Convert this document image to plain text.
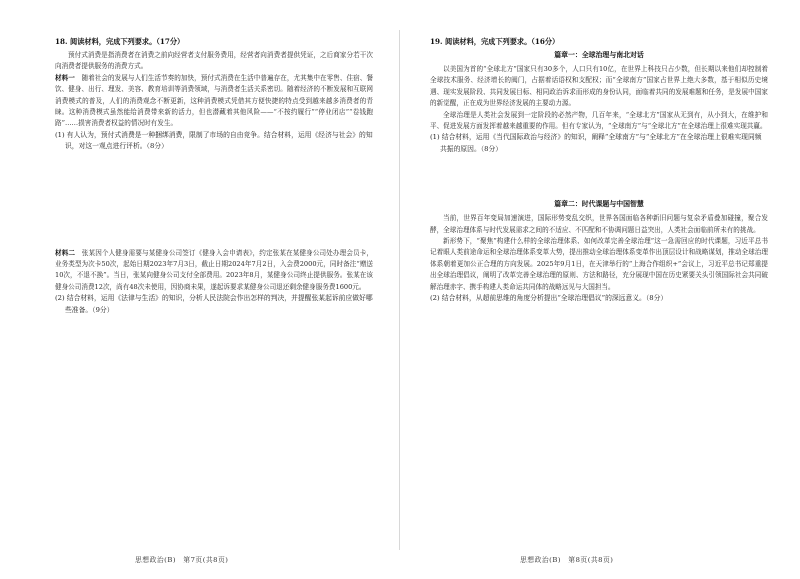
18. 阅读材料，完成下列要求。（17分）

预付式消费是指消费者在消费之前向经营者支付服务费用，经营者向消费者提供凭证，之后商家分若干次向消费者提供服务的消费方式。

材料一　 随着社会的发展与人们生活节奏的加快，预付式消费在生活中普遍存在，尤其集中在零售、住宿、餐饮、健身、出行、理发、美容、教育培训等消费领域，与消费者生活关系密切。随着经济的不断发展和互联网消费模式的普及，人们的消费观念不断更新，这种消费模式凭借其方便快捷的特点受到越来越多消费者的青睐。这种消费模式虽然能给消费带来新的活力，但也潜藏着其他风险——“不按约履行”“停业闭店”“卷钱跑路”……损害消费者权益的情况时有发生。

(1) 有人认为，预付式消费是一种捆绑消费，限制了市场的自由竞争。结合材料，运用《经济与社会》的知识，对这一观点进行评析。（8分）

材料二　 张某因个人健身需要与某健身公司签订《健身入会申请表》，约定张某在某健身公司处办理会员卡，业务类型为次卡50次，起始日期2023年7月3日，截止日期2024年7月2日，入会费2000元，同时备注“赠送10次，不退不换”。当日，张某向健身公司支付全部费用。2023年8月，某健身公司终止提供服务。张某在该健身公司消费12次，尚有48次未使用，因协商未果，遂起诉要求某健身公司退还剩余健身服务费1600元。

(2) 结合材料，运用《法律与生活》的知识，分析人民法院会作出怎样的判决，并提醒张某起诉前应做好哪些准备。（9分）

思想政治(B)　第7页(共8页)

19. 阅读材料，完成下列要求。（16分）

篇章一：全球治理与南北对话

以美国为首的“全球北方”国家只有30多个，人口只有10亿，在世界上科技只占少数，但长期以来他们却控制着全球技术服务、经济增长的阀门，占据着话语权和支配权；而“全球南方”国家占世界上绝大多数，基于相似历史境遇、现实发展阶段、共同发展目标、相同政治诉求而形成的身份认同，面临着共同的发展难题和任务，是发展中国家的新觉醒，正在成为世界经济发展的主要动力源。

全球治理是人类社会发展到一定阶段的必然产物，几百年来，“全球北方”国家从无到有，从小到大，在维护和平、促进发展方面发挥着越来越重要的作用。但有专家认为，“全球南方”与“全球北方”在全球治理上很难实现共赢。

(1) 结合材料，运用《当代国际政治与经济》的知识，阐释“全球南方”与“全球北方”在全球治理上很难实现同频共振的原因。（8分）

篇章二：时代课题与中国智慧

当前，世界百年变局加速演进，国际形势变乱交织，世界各国面临各种新旧问题与复杂矛盾叠加碰撞，聚合发酵，全球治理体系与时代发展需求之间的不适应、不匹配和不协调问题日益突出，人类社会面临前所未有的挑战。

新形势下，“聚焦”构建什么样的全球治理体系、如何改革完善全球治理”这一急需回应的时代课题，习近平总书记着眼人类前途命运和全球治理体系变革大势，提出推动全球治理体系变革作出顶层设计和战略谋划，推动全球治理体系朝着更加公正合理的方向发展。2025年9月1日，在天津举行的“上海合作组织+”会议上，习近平总书记郑重提出全球治理倡议，阐明了改革完善全球治理的原则、方法和路径，充分展现中国在历史紧要关头引领国际社会共同破解治理赤字、携手构建人类命运共同体的战略远见与大国担当。

(2) 结合材料，从超前思维的角度分析提出“全球治理倡议”的深远意义。（8分）

思想政治(B)　第8页(共8页)
